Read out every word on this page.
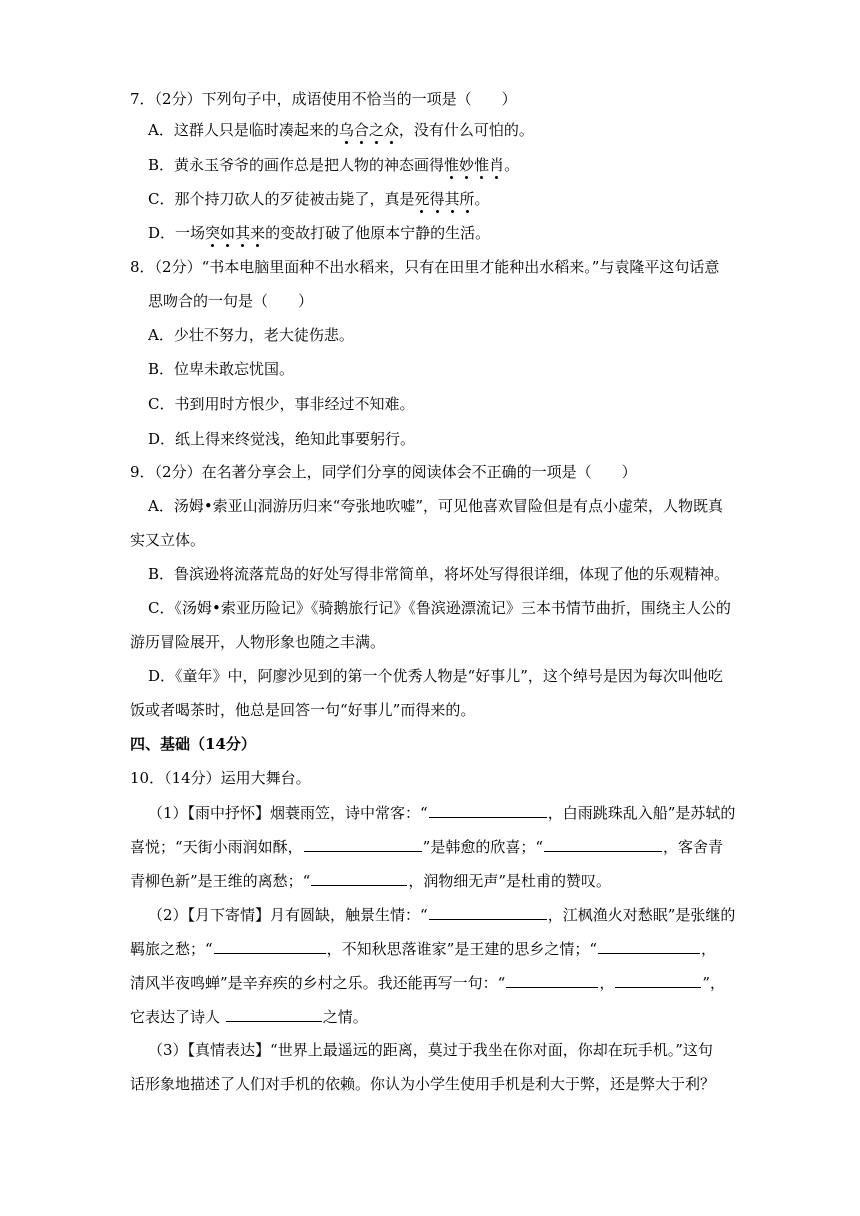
7．（2分）下列句子中，成语使用不恰当的一项是（　　）
A．这群人只是临时凑起来的乌合之众，没有什么可怕的。
B．黄永玉爷爷的画作总是把人物的神态画得惟妙惟肖。
C．那个持刀砍人的歹徒被击毙了，真是死得其所。
D．一场突如其来的变故打破了他原本宁静的生活。
8．（2分）“书本电脑里面种不出水稻来，只有在田里才能种出水稻来。”与袁隆平这句话意
思吻合的一句是（　　）
A．少壮不努力，老大徒伤悲。
B．位卑未敢忘忧国。
C．书到用时方恨少，事非经过不知难。
D．纸上得来终觉浅，绝知此事要躬行。
9．（2分）在名著分享会上，同学们分享的阅读体会不正确的一项是（　　）
A．汤姆•索亚山洞游历归来“夸张地吹嘘”，可见他喜欢冒险但是有点小虚荣，人物既真
实又立体。
B．鲁滨逊将流落荒岛的好处写得非常简单，将坏处写得很详细，体现了他的乐观精神。
C．《汤姆•索亚历险记》《骑鹅旅行记》《鲁滨逊漂流记》三本书情节曲折，围绕主人公的
游历冒险展开，人物形象也随之丰满。
D．《童年》中，阿廖沙见到的第一个优秀人物是“好事儿”，这个绰号是因为每次叫他吃
饭或者喝茶时，他总是回答一句“好事儿”而得来的。
四、基础（14分）
10．（14分）运用大舞台。
（1）【雨中抒怀】烟蓑雨笠，诗中常客：“	，白雨跳珠乱入船”是苏轼的
喜悦；“天街小雨润如酥，	”是韩愈的欣喜；“	，客舍青
青柳色新”是王维的离愁；“	，润物细无声”是杜甫的赞叹。
（2）【月下寄情】月有圆缺，触景生情：“	，江枫渔火对愁眠”是张继的
羁旅之愁；“	，不知秋思落谁家”是王建的思乡之情；“	，
清风半夜鸣蝉”是辛弃疾的乡村之乐。我还能再写一句：“	，	”，
它表达了诗人	之情。
（3）【真情表达】“世界上最遥远的距离，莫过于我坐在你对面，你却在玩手机。”这句
话形象地描述了人们对手机的依赖。你认为小学生使用手机是利大于弊，还是弊大于利？
